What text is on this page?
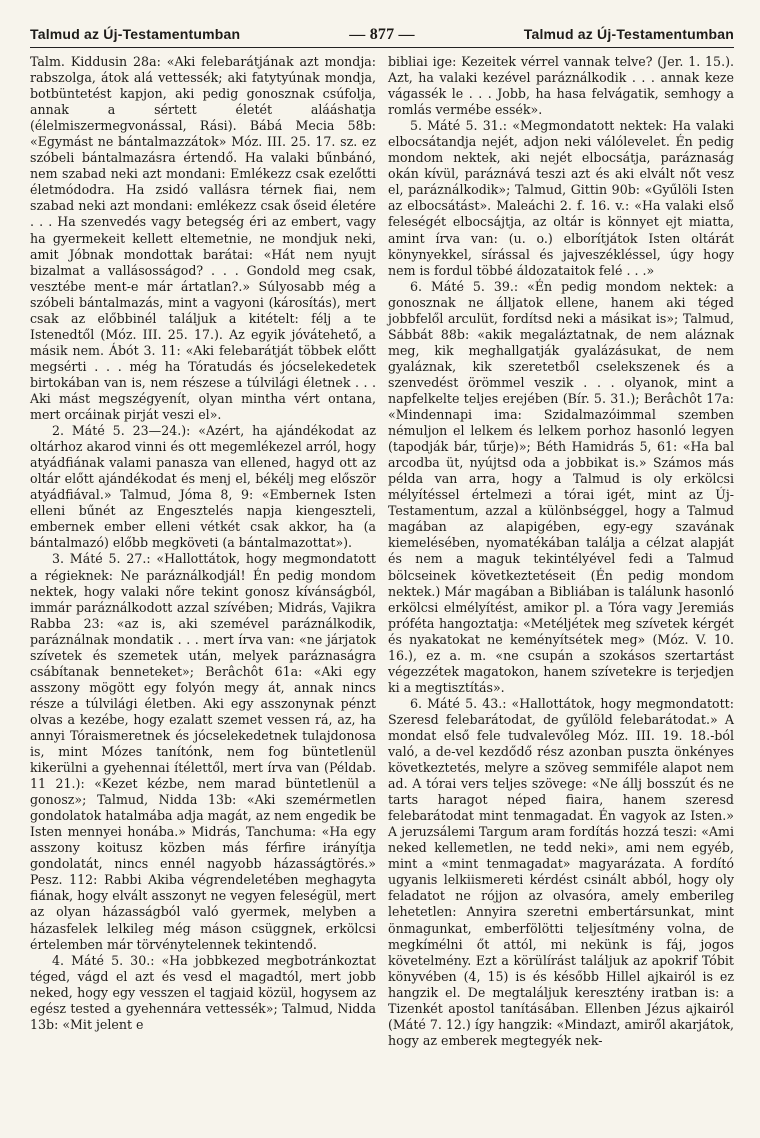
Talmud az Új-Testamentumban	— 877 —	Talmud az Új-Testamentumban

Talm. Kiddusin 28a: «Aki felebarátjának azt mondja: rabszolga, átok alá vettessék; aki fatytyúnak mondja, botbüntetést kapjon, aki pedig gonosznak csúfolja, annak a sértett életét alááshatja (élelmiszermegvonással, Rási). Bábá Mecia 58b: «Egymást ne bántalmazzátok» Móz. III. 25. 17. sz. ez szóbeli bántalmazásra értendő. Ha valaki bűnbánó, nem szabad neki azt mondani: Emlékezz csak ezelőtti életmódodra. Ha zsidó vallásra térnek fiai, nem szabad neki azt mondani: emlékezz csak őseid életére . . . Ha szenvedés vagy betegség éri az embert, vagy ha gyermekeit kellett eltemetnie, ne mondjuk neki, amit Jóbnak mondottak barátai: «Hát nem nyujt bizalmat a vallásosságod? . . . Gondold meg csak, vesztébe ment-e már ártatlan?.» Súlyosabb még a szóbeli bántalmazás, mint a vagyoni (károsítás), mert csak az előbbinél találjuk a kitételt: félj a te Istenedtől (Móz. III. 25. 17.). Az egyik jóvátehető, a másik nem. Ábót 3. 11: «Aki felebarátját többek előtt megsérti . . . még ha Tóratudás és jócselekedetek birtokában van is, nem részese a túlvilági életnek . . . Aki mást megszégyenít, olyan mintha vért ontana, mert orcáinak pirját veszi el».

2. Máté 5. 23—24.): «Azért, ha ajándékodat az oltárhoz akarod vinni és ott megemlékezel arról, hogy atyádfiának valami panasza van ellened, hagyd ott az oltár előtt ajándékodat és menj el, békélj meg először atyádfiával.» Talmud, Jóma 8, 9: «Embernek Isten elleni bűnét az Engesztelés napja kiengeszteli, embernek ember elleni vétkét csak akkor, ha (a bántalmazó) előbb megköveti (a bántalmazottat»).

3. Máté 5. 27.: «Hallottátok, hogy megmondatott a régieknek: Ne paráználkodjál! Én pedig mondom nektek, hogy valaki nőre tekint gonosz kívánságból, immár paráználkodott azzal szívében; Midrás, Vajikra Rabba 23: «az is, aki szemével paráználkodik, paráználnak mondatik . . . mert írva van: «ne járjatok szívetek és szemetek után, melyek paráznaságra csábítanak benneteket»; Berâchôt 61a: «Aki egy asszony mögött egy folyón megy át, annak nincs része a túlvilági életben. Aki egy asszonynak pénzt olvas a kezébe, hogy ezalatt szemet vessen rá, az, ha annyi Tóraismeretnek és jócselekedetnek tulajdonosa is, mint Mózes tanítónk, nem fog büntetlenül kikerülni a gyehennai ítélettől, mert írva van (Példab. 11 21.): «Kezet kézbe, nem marad büntetlenül a gonosz»; Talmud, Nidda 13b: «Aki szemérmetlen gondolatok hatalmába adja magát, az nem engedik be Isten mennyei honába.» Midrás, Tanchuma: «Ha egy asszony koitusz közben más férfire irányítja gondolatát, nincs ennél nagyobb házasságtörés.» Pesz. 112: Rabbi Akiba végrendeletében meghagyta fiának, hogy elvált asszonyt ne vegyen feleségül, mert az olyan házasságból való gyermek, melyben a házasfelek lelkileg még máson csüggnek, erkölcsi értelemben már törvénytelennek tekintendő.

4. Máté 5. 30.: «Ha jobbkezed megbotránkoztat téged, vágd el azt és vesd el magadtól, mert jobb neked, hogy egy vesszen el tagjaid közül, hogysem az egész tested a gyehennára vettessék»; Talmud, Nidda 13b: «Mit jelent e

bibliai ige: Kezeitek vérrel vannak telve? (Jer. 1. 15.). Azt, ha valaki kezével paráználkodik . . . annak keze vágassék le . . . Jobb, ha hasa felvágatik, semhogy a romlás vermébe essék».

5. Máté 5. 31.: «Megmondatott nektek: Ha valaki elbocsátandja nejét, adjon neki válólevelet. Én pedig mondom nektek, aki nejét elbocsátja, paráznaság okán kívül, paráznává teszi azt és aki elvált nőt vesz el, paráználkodik»; Talmud, Gittin 90b: «Gyűlöli Isten az elbocsátást». Maleáchi 2. f. 16. v.: «Ha valaki első feleségét elbocsájtja, az oltár is könnyet ejt miatta, amint írva van: (u. o.) elborítjátok Isten oltárát könynyekkel, sírással és jajveszékléssel, úgy hogy nem is fordul többé áldozataitok felé . . .»

6. Máté 5. 39.: «Én pedig mondom nektek: a gonosznak ne álljatok ellene, hanem aki téged jobbfelől arculüt, fordítsd neki a másikat is»; Talmud, Sábbát 88b: «akik megaláztatnak, de nem aláznak meg, kik meghallgatják gyalázásukat, de nem gyaláznak, kik szeretetből cselekszenek és a szenvedést örömmel veszik . . . olyanok, mint a napfelkelte teljes erejében (Bír. 5. 31.); Berâchôt 17a: «Mindennapi ima: Szidalmazóimmal szemben némuljon el lelkem és lelkem porhoz hasonló legyen (tapodják bár, tűrje)»; Béth Hamidrás 5, 61: «Ha bal arcodba üt, nyújtsd oda a jobbikat is.» Számos más példa van arra, hogy a Talmud is oly erkölcsi mélyítéssel értelmezi a tórai igét, mint az Új-Testamentum, azzal a különbséggel, hogy a Talmud magában az alapigében, egy-egy szavának kiemelésében, nyomatékában találja a célzat alapját és nem a maguk tekintélyével fedi a Talmud bölcseinek következtetéseit (Én pedig mondom nektek.) Már magában a Bibliában is találunk hasonló erkölcsi elmélyítést, amikor pl. a Tóra vagy Jeremiás próféta hangoztatja: «Metéljétek meg szívetek kérgét és nyakatokat ne keményítsétek meg» (Móz. V. 10. 16.), ez a. m. «ne csupán a szokásos szertartást végezzétek magatokon, hanem szívetekre is terjedjen ki a megtisztítás».

6. Máté 5. 43.: «Hallottátok, hogy megmondatott: Szeresd felebarátodat, de gyűlöld felebarátodat.» A mondat első fele tudvalevőleg Móz. III. 19. 18.-ból való, a de-vel kezdődő rész azonban puszta önkényes következtetés, melyre a szöveg semmiféle alapot nem ad. A tórai vers teljes szövege: «Ne állj bosszút és ne tarts haragot néped fiaira, hanem szeresd felebarátodat mint tenmagadat. Én vagyok az Isten.» A jeruzsálemi Targum aram fordítás hozzá teszi: «Ami neked kellemetlen, ne tedd neki», ami nem egyéb, mint a «mint tenmagadat» magyarázata. A fordító ugyanis lelkiismereti kérdést csinált abból, hogy oly feladatot ne rójjon az olvasóra, amely emberileg lehetetlen: Annyira szeretni embertársunkat, mint önmagunkat, emberfölötti teljesítmény volna, de megkímélni őt attól, mi nekünk is fáj, jogos követelmény. Ezt a körülírást találjuk az apokrif Tóbit könyvében (4, 15) is és később Hillel ajkairól is ez hangzik el. De megtaláljuk keresztény iratban is: a Tizenkét apostol tanításában. Ellenben Jézus ajkairól (Máté 7. 12.) így hangzik: «Mindazt, amiről akarjátok, hogy az emberek megtegyék nek-
